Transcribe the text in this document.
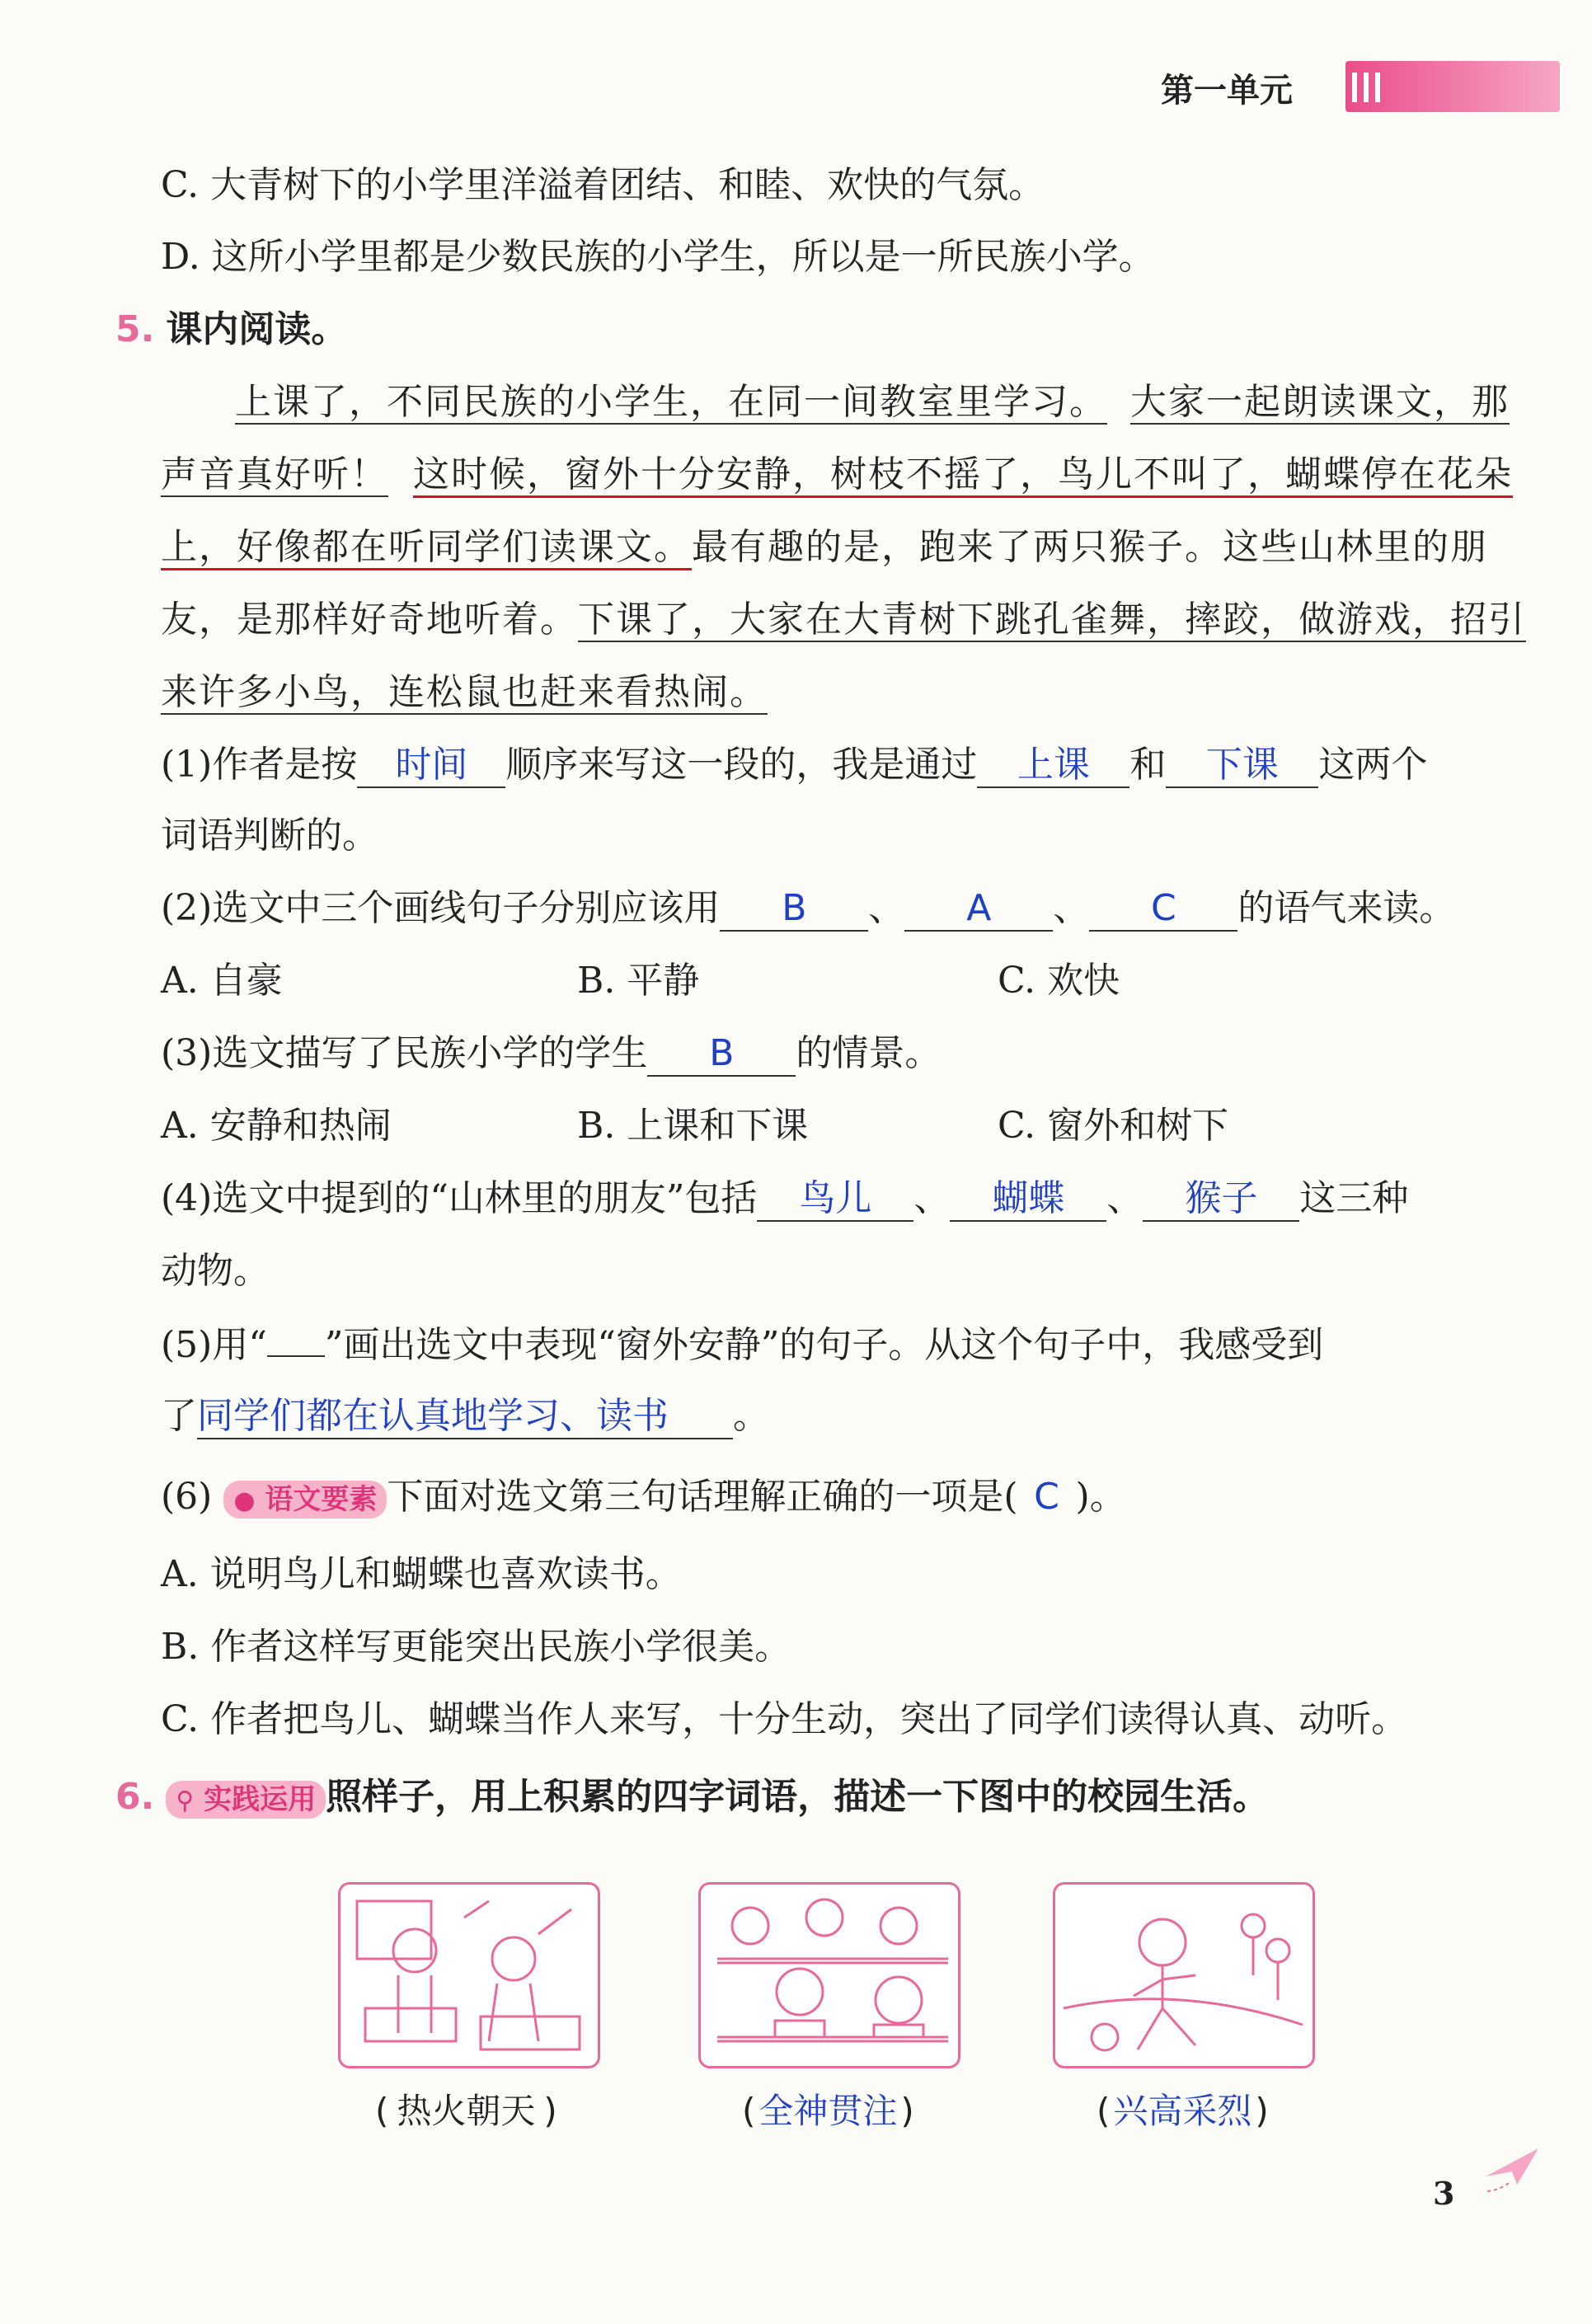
第一单元
C. 大青树下的小学里洋溢着团结、和睦、欢快的气氛。
D. 这所小学里都是少数民族的小学生，所以是一所民族小学。
5. 课内阅读。
上课了，不同民族的小学生，在同一间教室里学习。 大家一起朗读课文，那
声音真好听！ 这时候，窗外十分安静，树枝不摇了，鸟儿不叫了，蝴蝶停在花朵
上，好像都在听同学们读课文。最有趣的是，跑来了两只猴子。这些山林里的朋
友，是那样好奇地听着。下课了，大家在大青树下跳孔雀舞，摔跤，做游戏，招引
来许多小鸟，连松鼠也赶来看热闹。
(1)作者是按 时间 顺序来写这一段的，我是通过 上课 和 下课 这两个
词语判断的。
(2)选文中三个画线句子分别应该用 B 、 A 、 C 的语气来读。
A. 自豪	B. 平静	C. 欢快
(3)选文描写了民族小学的学生 B 的情景。
A. 安静和热闹	B. 上课和下课	C. 窗外和树下
(4)选文中提到的“山林里的朋友”包括 鸟儿 、 蝴蝶 、 猴子 这三种
动物。
(5)用“ ”画出选文中表现“窗外安静”的句子。从这个句子中，我感受到
了同学们都在认真地学习、读书 。
(6) ● 语文要素 下面对选文第三句话理解正确的一项是( C )。
A. 说明鸟儿和蝴蝶也喜欢读书。
B. 作者这样写更能突出民族小学很美。
C. 作者把鸟儿、蝴蝶当作人来写，十分生动，突出了同学们读得认真、动听。
6. ⚲ 实践运用 照样子，用上积累的四字词语，描述一下图中的校园生活。
( 热火朝天 )	(全神贯注)	(兴高采烈)
3
